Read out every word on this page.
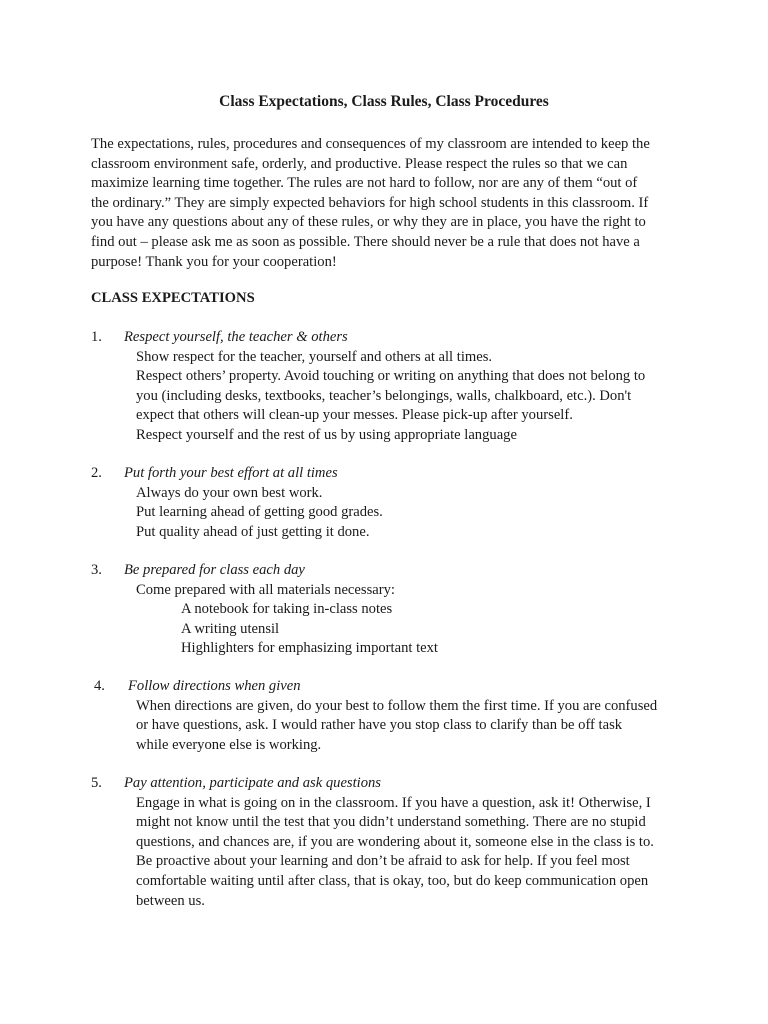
Class Expectations, Class Rules, Class Procedures

The expectations, rules, procedures and consequences of my classroom are intended to keep the
classroom environment safe, orderly, and productive. Please respect the rules so that we can
maximize learning time together. The rules are not hard to follow, nor are any of them “out of
the ordinary.” They are simply expected behaviors for high school students in this classroom. If
you have any questions about any of these rules, or why they are in place, you have the right to
find out – please ask me as soon as possible. There should never be a rule that does not have a
purpose! Thank you for your cooperation!

CLASS EXPECTATIONS
1. Respect yourself, the teacher & others
Show respect for the teacher, yourself and others at all times.
Respect others’ property. Avoid touching or writing on anything that does not belong to
you (including desks, textbooks, teacher’s belongings, walls, chalkboard, etc.). Don't
expect that others will clean-up your messes. Please pick-up after yourself.
Respect yourself and the rest of us by using appropriate language
2. Put forth your best effort at all times
Always do your own best work.
Put learning ahead of getting good grades.
Put quality ahead of just getting it done.
3. Be prepared for class each day
Come prepared with all materials necessary:
A notebook for taking in-class notes
A writing utensil
Highlighters for emphasizing important text
4. Follow directions when given
When directions are given, do your best to follow them the first time. If you are confused
or have questions, ask. I would rather have you stop class to clarify than be off task
while everyone else is working.
5. Pay attention, participate and ask questions
Engage in what is going on in the classroom. If you have a question, ask it! Otherwise, I
might not know until the test that you didn’t understand something. There are no stupid
questions, and chances are, if you are wondering about it, someone else in the class is to.
Be proactive about your learning and don’t be afraid to ask for help. If you feel most
comfortable waiting until after class, that is okay, too, but do keep communication open
between us.
